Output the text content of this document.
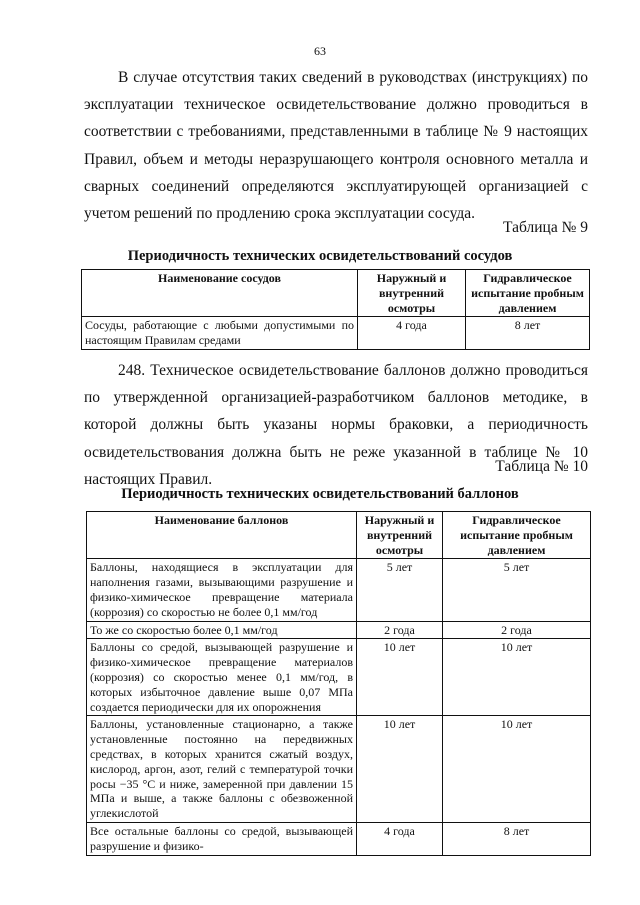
63

В случае отсутствия таких сведений в руководствах (инструкциях) по эксплуатации техническое освидетельствование должно проводиться в соответствии с требованиями, представленными в таблице № 9 настоящих Правил, объем и методы неразрушающего контроля основного металла и сварных соединений определяются эксплуатирующей организацией с учетом решений по продлению срока эксплуатации сосуда.

Таблица № 9
Периодичность технических освидетельствований сосудов
Наименование сосудов	Наружный и внутренний осмотры	Гидравлическое испытание пробным давлением
Сосуды, работающие с любыми допустимыми по настоящим Правилам средами	4 года	8 лет

248. Техническое освидетельствование баллонов должно проводиться по утвержденной организацией-разработчиком баллонов методике, в которой должны быть указаны нормы браковки, а периодичность освидетельствования должна быть не реже указанной в таблице № 10 настоящих Правил.

Таблица № 10
Периодичность технических освидетельствований баллонов
Наименование баллонов	Наружный и внутренний осмотры	Гидравлическое испытание пробным давлением
Баллоны, находящиеся в эксплуатации для наполнения газами, вызывающими разрушение и физико-химическое превращение материала (коррозия) со скоростью не более 0,1 мм/год	5 лет	5 лет
То же со скоростью более 0,1 мм/год	2 года	2 года
Баллоны со средой, вызывающей разрушение и физико-химическое превращение материалов (коррозия) со скоростью менее 0,1 мм/год, в которых избыточное давление выше 0,07 МПа создается периодически для их опорожнения	10 лет	10 лет
Баллоны, установленные стационарно, а также установленные постоянно на передвижных средствах, в которых хранится сжатый воздух, кислород, аргон, азот, гелий с температурой точки росы −35 °С и ниже, замеренной при давлении 15 МПа и выше, а также баллоны с обезвоженной углекислотой	10 лет	10 лет
Все остальные баллоны со средой, вызывающей разрушение и физико-	4 года	8 лет
